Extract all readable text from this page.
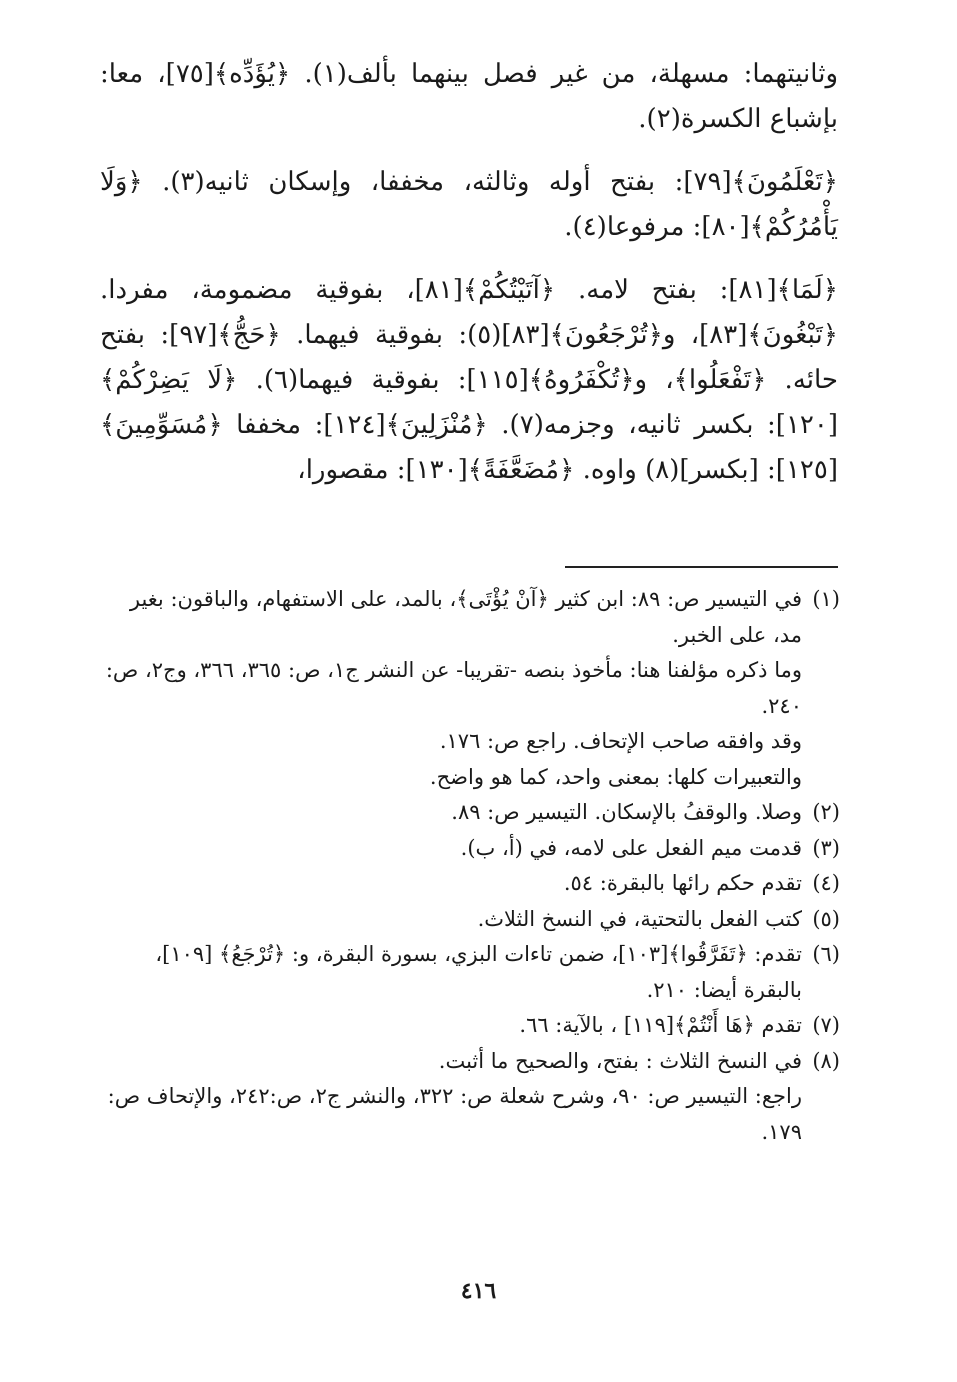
وثانيتهما: مسهلة، من غير فصل بينهما بألف(١). ﴿يُؤَدِّه﴾[٧٥]، معا: بإشباع الكسرة(٢).

﴿تَعْلَمُونَ﴾[٧٩]: بفتح أوله وثالثه، مخففا، وإسكان ثانيه(٣). ﴿وَلَا يَأْمُرُكُمْ﴾[٨٠]: مرفوعا(٤).

﴿لَمَا﴾[٨١]: بفتح لامه. ﴿آتَيْتُكُمْ﴾[٨١]، بفوقية مضمومة، مفردا. ﴿تَبْغُونَ﴾[٨٣]، و﴿تُرْجَعُونَ﴾[٨٣](٥): بفوقية فيهما. ﴿حَجُّ﴾[٩٧]: بفتح حائه. ﴿تَفْعَلُوا﴾، و﴿تُكْفَرُوهُ﴾[١١٥]: بفوقية فيهما(٦). ﴿لَا يَضِرْكُمْ﴾[١٢٠]: بكسر ثانيه، وجزمه(٧). ﴿مُنْزَلِينَ﴾[١٢٤]: مخففا ﴿مُسَوِّمِينَ﴾[١٢٥]: [بكسر](٨) واوه. ﴿مُضَعَّفَةً﴾[١٣٠]: مقصورا،

(١)
في التيسير ص: ٨٩: ابن كثير ﴿آنْ يُؤْتَى﴾، بالمد، على الاستفهام، والباقون: بغير مد، على الخبر.
وما ذكره مؤلفنا هنا: مأخوذ بنصه -تقريبا- عن النشر ج١، ص: ٣٦٥، ٣٦٦، وج٢، ص: ٢٤٠.
وقد وافقه صاحب الإتحاف. راجع ص: ١٧٦.
والتعبيرات كلها: بمعنى واحد، كما هو واضح.
(٢)
وصلا. والوقفُ بالإسكان. التيسير ص: ٨٩.
(٣)
قدمت ميم الفعل على لامه، في (أ، ب).
(٤)
تقدم حكم رائها بالبقرة: ٥٤.
(٥)
كتب الفعل بالتحتية، في النسخ الثلاث.
(٦)
تقدم: ﴿تَفَرَّقُوا﴾[١٠٣]، ضمن تاءات البزي، بسورة البقرة، و: ﴿تُرْجَعُ﴾ [١٠٩]، بالبقرة أيضا: ٢١٠.
(٧)
تقدم ﴿هَا أَنْتُمْ﴾[١١٩] ، بالآية: ٦٦.
(٨)
في النسخ الثلاث : بفتح، والصحيح ما أثبت.
راجع: التيسير ص: ٩٠، وشرح شعلة ص: ٣٢٢، والنشر ج٢، ص:٢٤٢، والإتحاف ص: ١٧٩.
٤١٦
